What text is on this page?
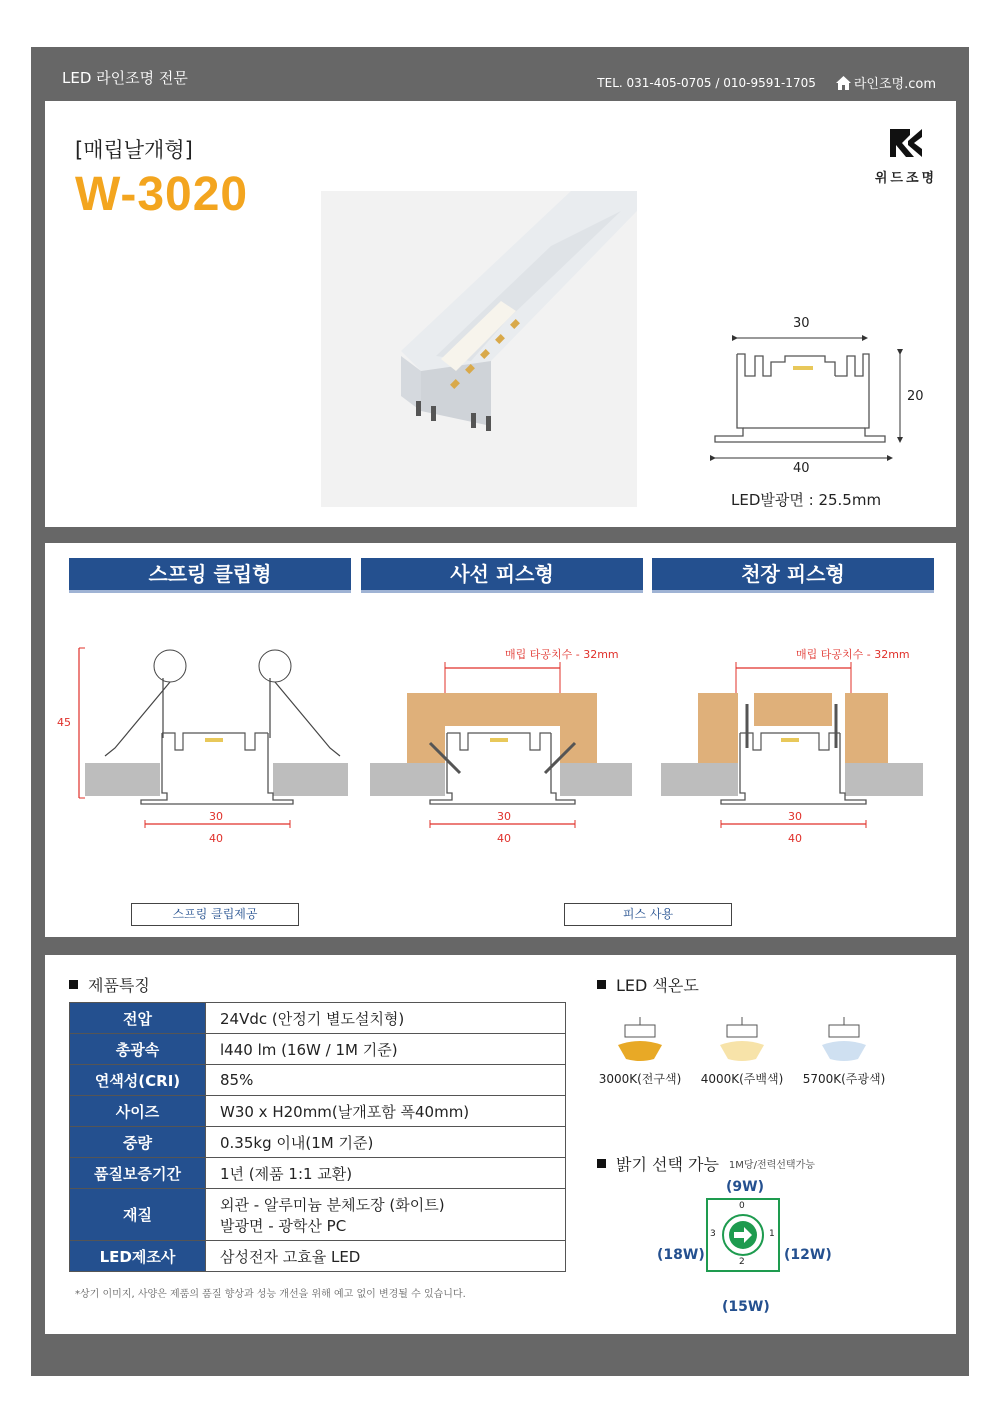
LED 라인조명 전문	TEL. 031-405-0705 / 010-9591-1705	라인조명.com
[매립날개형]
W-3020	위드조명
30
20
40
LED발광면 : 25.5mm
스프링 클립형	사선 피스형	천장 피스형
45
30
40
매립 타공치수 - 32mm
30
40
매립 타공치수 - 32mm
30
40
스프링 클립제공	피스 사용
제품특징
전압	24Vdc (안정기 별도설치형)
총광속	l440 lm (16W / 1M 기준)
연색성(CRI)	85%
사이즈	W30 x H20mm(날개포함 폭40mm)
중량	0.35kg 이내(1M 기준)
품질보증기간	1년 (제품 1:1 교환)
재질	외관 - 알루미늄 분체도장 (화이트)
발광면 - 광학산 PC

LED제조사	삼성전자 고효율 LED
*상기 이미지, 사양은 제품의 품질 향상과 성능 개선을 위해 예고 없이 변경될 수 있습니다.
LED 색온도
3000K(전구색)	4000K(주백색)	5700K(주광색)
밝기 선택 가능 1M당/전력선택가능
(9W)
(18W)	(12W)
(15W)
0
1
2
3
